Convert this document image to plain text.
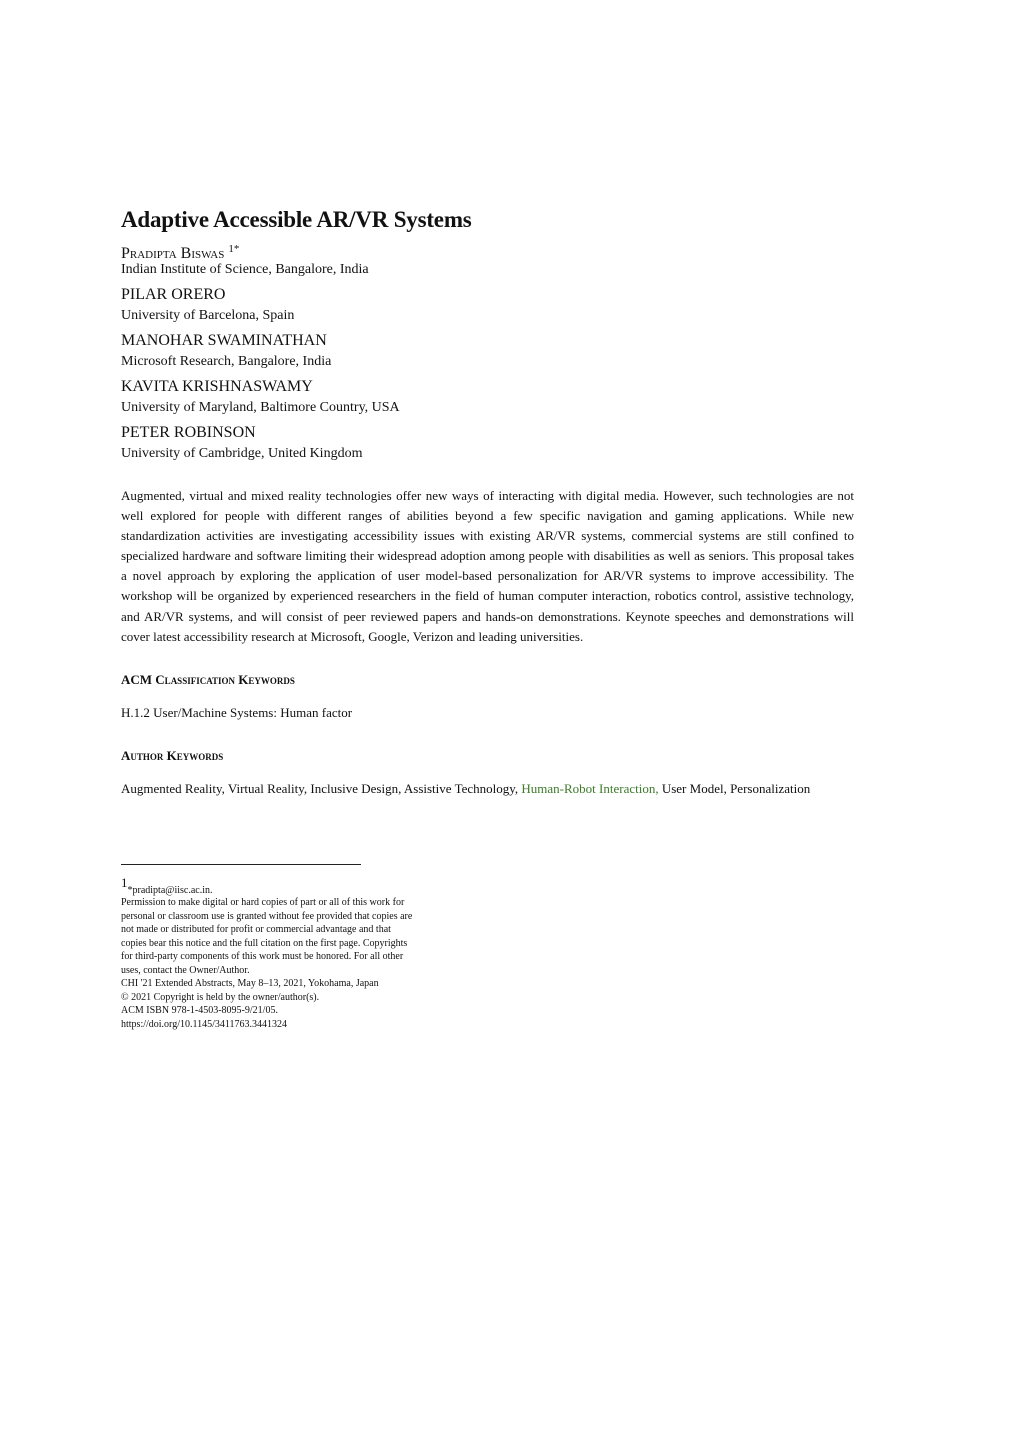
Adaptive Accessible AR/VR Systems
Pradipta Biswas $^{1*}$
Indian Institute of Science, Bangalore, India
PILAR ORERO
University of Barcelona, Spain
MANOHAR SWAMINATHAN
Microsoft Research, Bangalore, India
KAVITA KRISHNASWAMY
University of Maryland, Baltimore Country, USA
PETER ROBINSON
University of Cambridge, United Kingdom

Augmented, virtual and mixed reality technologies offer new ways of interacting with digital media. However, such technologies are not well explored for people with different ranges of abilities beyond a few specific navigation and gaming applications. While new standardization activities are investigating accessibility issues with existing AR/VR systems, commercial systems are still confined to specialized hardware and software limiting their widespread adoption among people with disabilities as well as seniors. This proposal takes a novel approach by exploring the application of user model-based personalization for AR/VR systems to improve accessibility. The workshop will be organized by experienced researchers in the field of human computer interaction, robotics control, assistive technology, and AR/VR systems, and will consist of peer reviewed papers and hands-on demonstrations. Keynote speeches and demonstrations will cover latest accessibility research at Microsoft, Google, Verizon and leading universities.

ACM Classification Keywords

H.1.2 User/Machine Systems: Human factor

Author Keywords

Augmented Reality, Virtual Reality, Inclusive Design, Assistive Technology, Human-Robot Interaction, User Model, Personalization

1*pradipta@iisc.ac.in.
Permission to make digital or hard copies of part or all of this work for
personal or classroom use is granted without fee provided that copies are
not made or distributed for profit or commercial advantage and that
copies bear this notice and the full citation on the first page. Copyrights
for third-party components of this work must be honored. For all other
uses, contact the Owner/Author.
CHI '21 Extended Abstracts, May 8–13, 2021, Yokohama, Japan
© 2021 Copyright is held by the owner/author(s).
ACM ISBN 978-1-4503-8095-9/21/05.
https://doi.org/10.1145/3411763.3441324
